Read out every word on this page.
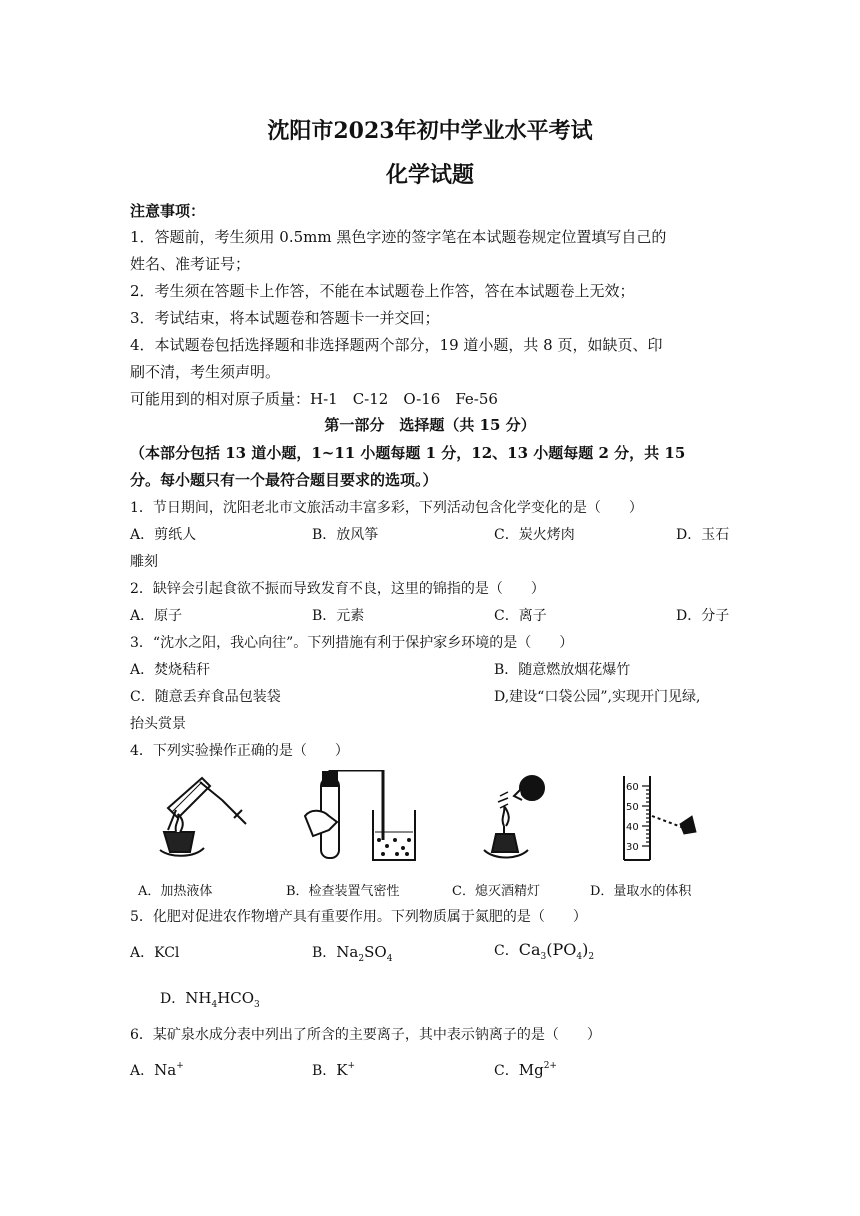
沈阳市2023年初中学业水平考试
化学试题
注意事项：
1．答题前，考生须用 0.5mm 黑色字迹的签字笔在本试题卷规定位置填写自己的
姓名、准考证号；
2．考生须在答题卡上作答，不能在本试题卷上作答，答在本试题卷上无效；
3．考试结束，将本试题卷和答题卡一并交回；
4．本试题卷包括选择题和非选择题两个部分，19 道小题，共 8 页，如缺页、印
刷不清，考生须声明。
可能用到的相对原子质量：H-1　C-12　O-16　Fe-56
第一部分　选择题（共 15 分）
（本部分包括 13 道小题，1~11 小题每题 1 分，12、13 小题每题 2 分，共 15
分。每小题只有一个最符合题目要求的选项。）
1．节日期间，沈阳老北市文旅活动丰富多彩，下列活动包含化学变化的是（　　）
A．剪纸人	B．放风筝	C．炭火烤肉	D．玉石
雕刻
2．缺锌会引起食欲不振而导致发育不良，这里的锦指的是（　　）
A．原子	B．元素	C．离子	D．分子
3．“沈水之阳，我心向往”。下列措施有利于保护家乡环境的是（　　）
A．焚烧秸秆	B．随意燃放烟花爆竹
C．随意丢弃食品包装袋	D,建设“口袋公园”,实现开门见绿,
抬头赏景
4．下列实验操作正确的是（　　）
60
50
40
30
A．加热液体	B．检查装置气密性	C．熄灭酒精灯	D．量取水的体积
5．化肥对促进农作物增产具有重要作用。下列物质属于氮肥的是（　　）
A．KCl	B．$Na_2SO_4$	C．$Ca_3(PO_4)_2$
D．$NH_4HCO_3$
6．某矿泉水成分表中列出了所含的主要离子，其中表示钠离子的是（　　）
A．Na+	B．K+	C．$Mg^{2+}$
